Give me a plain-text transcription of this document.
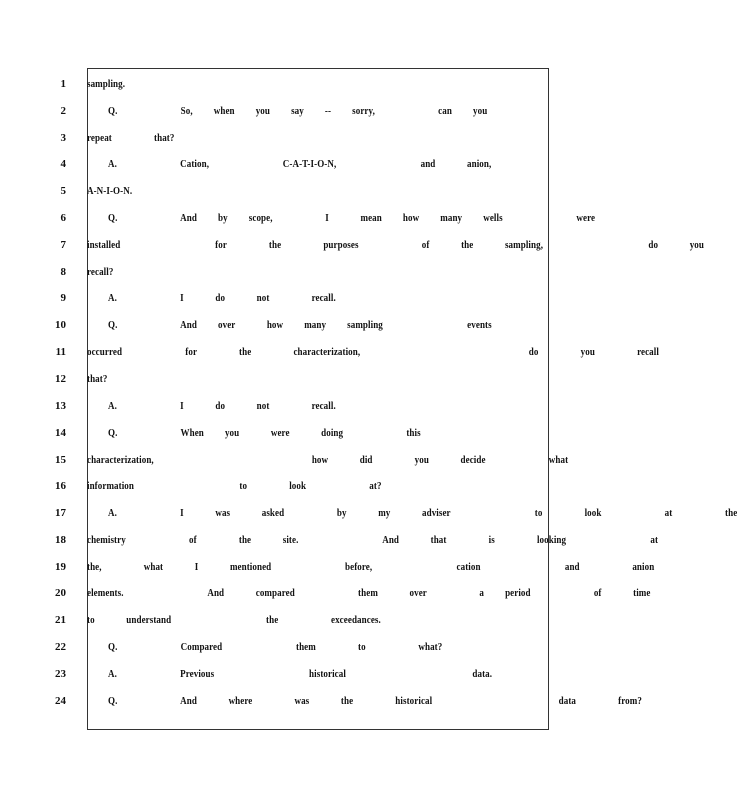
1 sampling.
2	Q.      So,  when  you  say  --  sorry,      can  you
3 repeat    that?
4	A.      Cation,       C-A-T-I-O-N,        and   anion,
5 A-N-I-O-N.
6	Q.      And  by  scope,     I   mean  how  many  wells       were
7 installed         for    the    purposes      of   the   sampling,          do   you
8 recall?
9	A.      I   do   not    recall.
10	Q.      And  over   how  many  sampling        events
11 occurred      for    the    characterization,                do    you    recall
12 that?
13	A.      I   do   not    recall.
14	Q.      When  you   were   doing      this
15 characterization,               how   did    you   decide      what
16 information          to    look      at?
17	A.      I   was   asked     by   my   adviser        to    look      at     the
18 chemistry      of    the   site.        And   that    is    looking        at
19 the,    what   I   mentioned       before,        cation        and     anion
20 elements.        And   compared      them   over     a  period      of   time
21 to   understand         the     exceedances.
22	Q.      Compared       them    to     what?
23	A.      Previous         historical            data.
24	Q.      And   where    was   the    historical            data    from?
